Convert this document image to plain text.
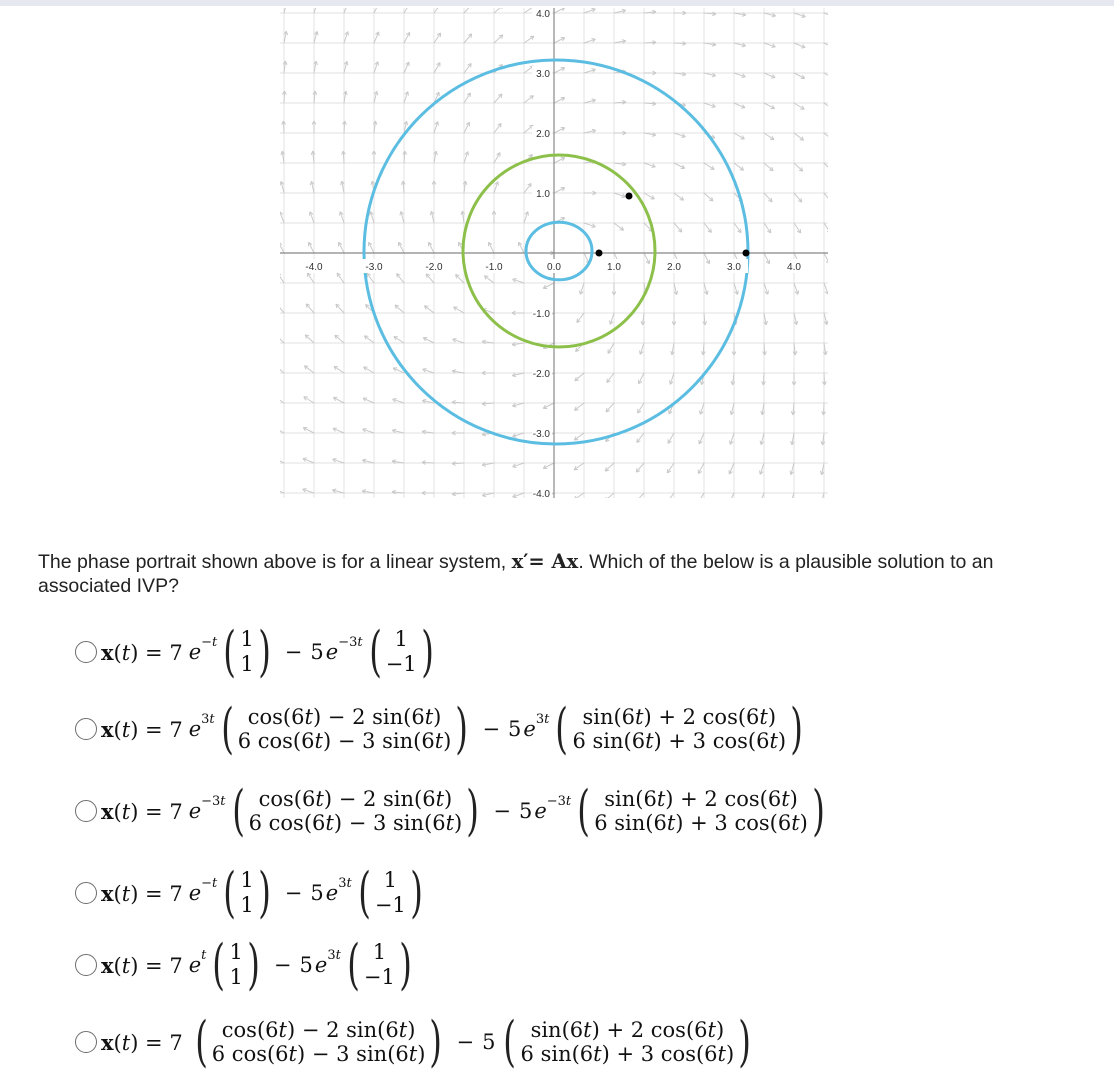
-4.0	-3.0	-2.0	-1.0	0.0	1.0	2.0	3.0	4.0
4.0
3.0
2.0
1.0
-1.0
-2.0
-3.0
-4.0
The phase portrait shown above is for a linear system, x′= Ax. Which of the below is a plausible solution to an associated IVP?
x(t) = 7 e −t ( 1
1 ) − 5 e −3t ( 1
−1 )
x(t) = 7 e 3t ( cos(6t) − 2 sin(6t)
6 cos(6t) − 3 sin(6t) ) − 5 e 3t ( sin(6t) + 2 cos(6t)
6 sin(6t) + 3 cos(6t) )
x(t) = 7 e −3t ( cos(6t) − 2 sin(6t)
6 cos(6t) − 3 sin(6t) ) − 5 e −3t ( sin(6t) + 2 cos(6t)
6 sin(6t) + 3 cos(6t) )
x(t) = 7 e −t ( 1
1 ) − 5 e 3t ( 1
−1 )
x(t) = 7 e t ( 1
1 ) − 5 e 3t ( 1
−1 )
x(t) = 7 ( cos(6t) − 2 sin(6t)
6 cos(6t) − 3 sin(6t) ) − 5 ( sin(6t) + 2 cos(6t)
6 sin(6t) + 3 cos(6t) )
